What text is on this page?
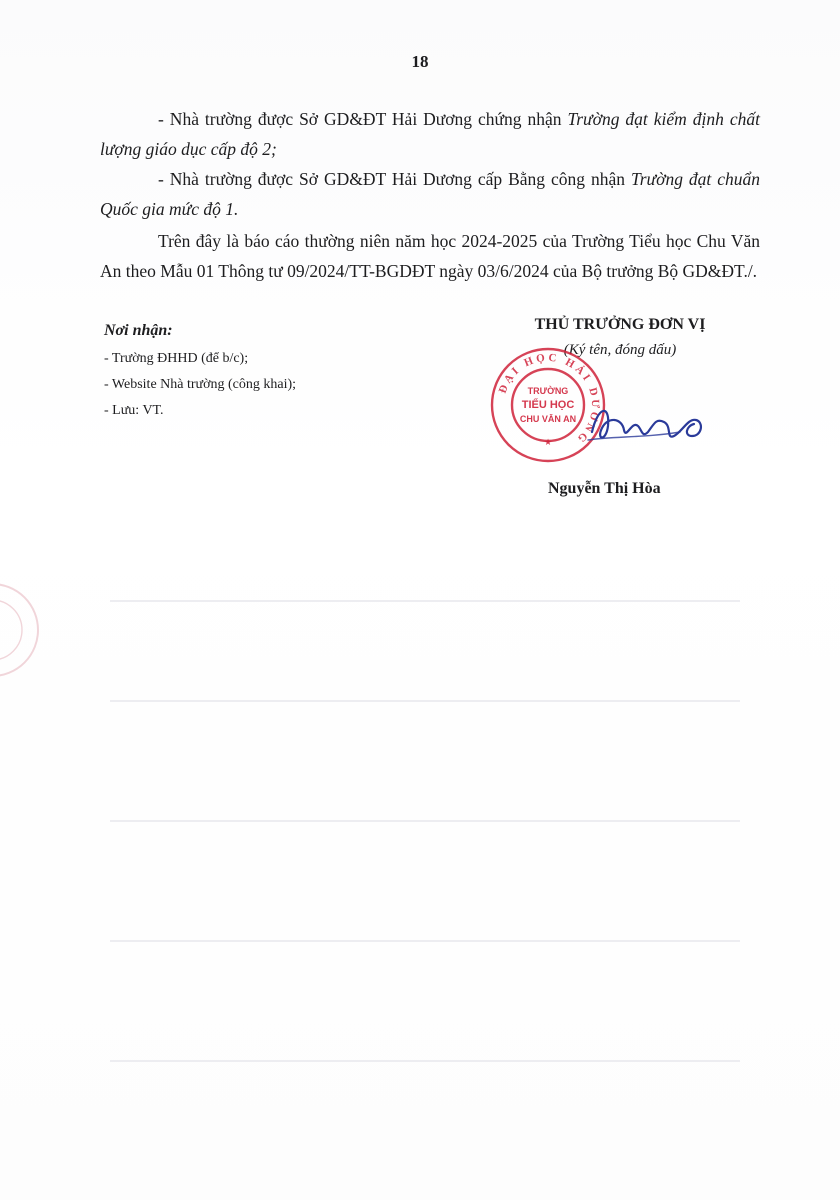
18

- Nhà trường được Sở GD&ĐT Hải Dương chứng nhận Trường đạt kiểm định chất lượng giáo dục cấp độ 2;

- Nhà trường được Sở GD&ĐT Hải Dương cấp Bằng công nhận Trường đạt chuẩn Quốc gia mức độ 1.

Trên đây là báo cáo thường niên năm học 2024-2025 của Trường Tiểu học Chu Văn An theo Mẫu 01 Thông tư 09/2024/TT-BGDĐT ngày 03/6/2024 của Bộ trưởng Bộ GD&ĐT./.

Nơi nhận:
- Trường ĐHHD (để b/c);
- Website Nhà trường (công khai);
- Lưu: VT.
THỦ TRƯỞNG ĐƠN VỊ
(Ký tên, đóng dấu)
ĐẠI HỌC HẢI DƯƠNG
TRƯỜNG
TIỂU HỌC
CHU VĂN AN
★
Nguyễn Thị Hòa
